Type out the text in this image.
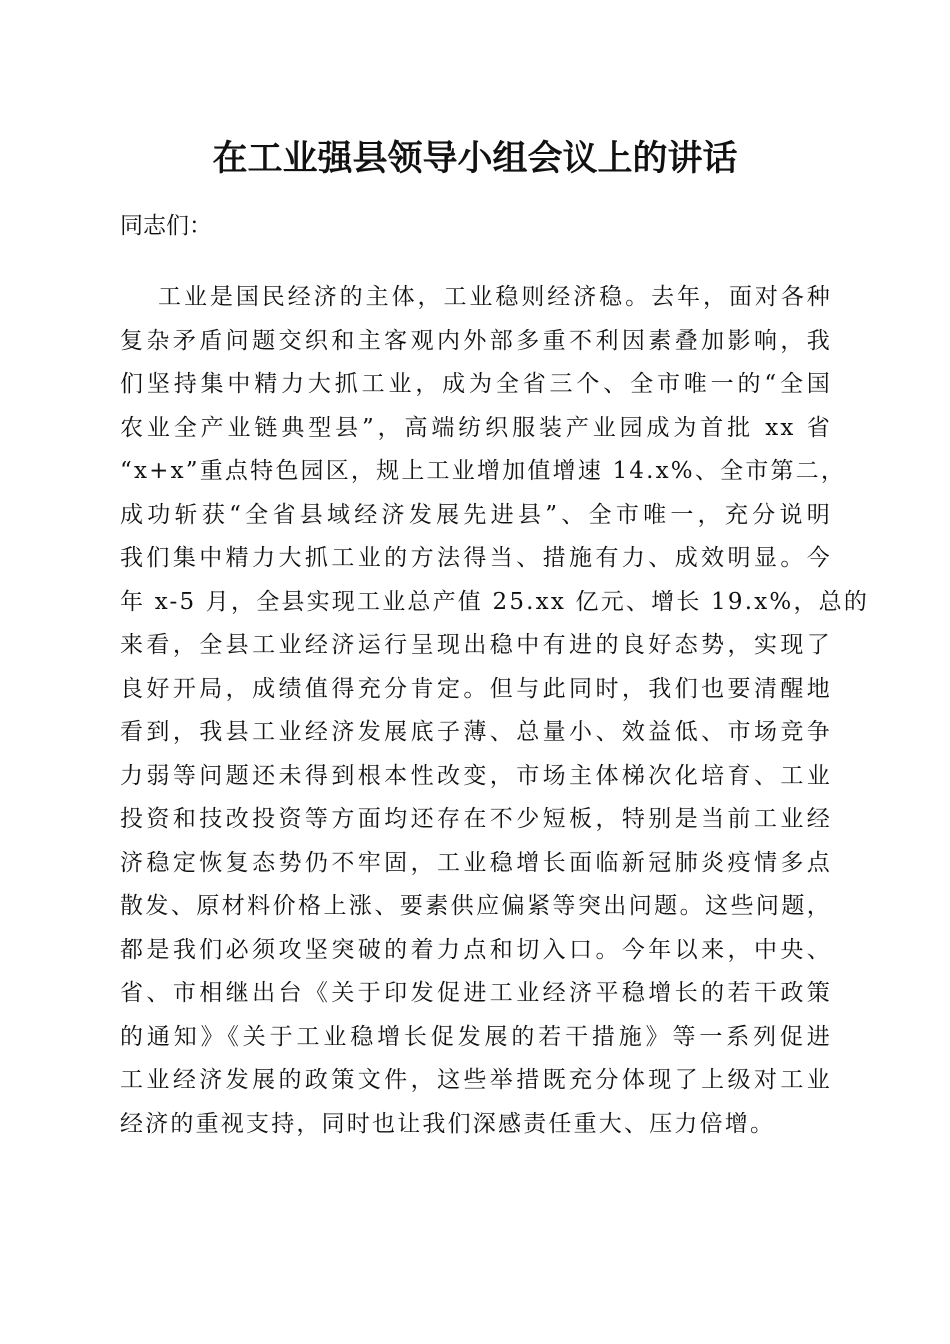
在工业强县领导小组会议上的讲话

同志们：

工业是国民经济的主体，工业稳则经济稳。去年，面对各种
复杂矛盾问题交织和主客观内外部多重不利因素叠加影响，我
们坚持集中精力大抓工业，成为全省三个、全市唯一的“全国
农业全产业链典型县”，高端纺织服装产业园成为首批 xx 省
“x+x”重点特色园区，规上工业增加值增速 14.x%、全市第二，
成功斩获“全省县域经济发展先进县”、全市唯一，充分说明
我们集中精力大抓工业的方法得当、措施有力、成效明显。今
年 x-5 月，全县实现工业总产值 25.xx 亿元、增长 19.x%，总的
来看，全县工业经济运行呈现出稳中有进的良好态势，实现了
良好开局，成绩值得充分肯定。但与此同时，我们也要清醒地
看到，我县工业经济发展底子薄、总量小、效益低、市场竞争
力弱等问题还未得到根本性改变，市场主体梯次化培育、工业
投资和技改投资等方面均还存在不少短板，特别是当前工业经
济稳定恢复态势仍不牢固，工业稳增长面临新冠肺炎疫情多点
散发、原材料价格上涨、要素供应偏紧等突出问题。这些问题，
都是我们必须攻坚突破的着力点和切入口。今年以来，中央、
省、市相继出台《关于印发促进工业经济平稳增长的若干政策
的通知》《关于工业稳增长促发展的若干措施》等一系列促进
工业经济发展的政策文件，这些举措既充分体现了上级对工业
经济的重视支持，同时也让我们深感责任重大、压力倍增。
